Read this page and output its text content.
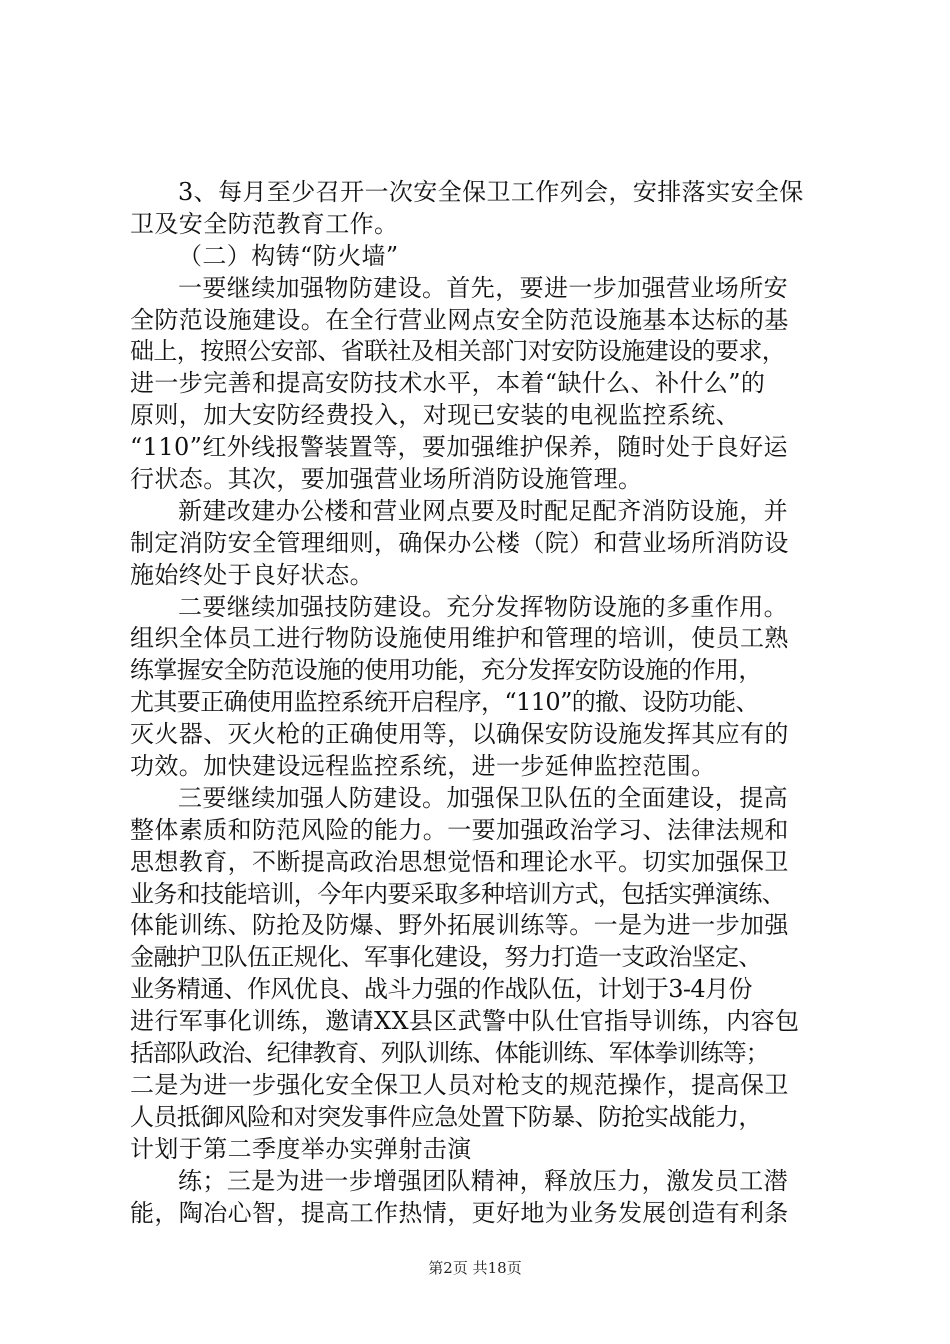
3、每月至少召开一次安全保卫工作列会，安排落实安全保
卫及安全防范教育工作。
（二）构铸“防火墙”
一要继续加强物防建设。首先，要进一步加强营业场所安
全防范设施建设。在全行营业网点安全防范设施基本达标的基
础上，按照公安部、省联社及相关部门对安防设施建设的要求，
进一步完善和提高安防技术水平，本着“缺什么、补什么”的
原则，加大安防经费投入，对现已安装的电视监控系统、
“110”红外线报警装置等，要加强维护保养，随时处于良好运
行状态。其次，要加强营业场所消防设施管理。
新建改建办公楼和营业网点要及时配足配齐消防设施，并
制定消防安全管理细则，确保办公楼（院）和营业场所消防设
施始终处于良好状态。
二要继续加强技防建设。充分发挥物防设施的多重作用。
组织全体员工进行物防设施使用维护和管理的培训，使员工熟
练掌握安全防范设施的使用功能，充分发挥安防设施的作用，
尤其要正确使用监控系统开启程序，“110”的撤、设防功能、
灭火器、灭火枪的正确使用等，以确保安防设施发挥其应有的
功效。加快建设远程监控系统，进一步延伸监控范围。
三要继续加强人防建设。加强保卫队伍的全面建设，提高
整体素质和防范风险的能力。一要加强政治学习、法律法规和
思想教育，不断提高政治思想觉悟和理论水平。切实加强保卫
业务和技能培训，今年内要采取多种培训方式，包括实弹演练、
体能训练、防抢及防爆、野外拓展训练等。一是为进一步加强
金融护卫队伍正规化、军事化建设，努力打造一支政治坚定、
业务精通、作风优良、战斗力强的作战队伍，计划于3-4月份
进行军事化训练，邀请XX县区武警中队仕官指导训练，内容包
括部队政治、纪律教育、列队训练、体能训练、军体拳训练等；
二是为进一步强化安全保卫人员对枪支的规范操作，提高保卫
人员抵御风险和对突发事件应急处置下防暴、防抢实战能力，
计划于第二季度举办实弹射击演
练；三是为进一步增强团队精神，释放压力，激发员工潜
能，陶冶心智，提高工作热情，更好地为业务发展创造有利条
第2页 共18页
